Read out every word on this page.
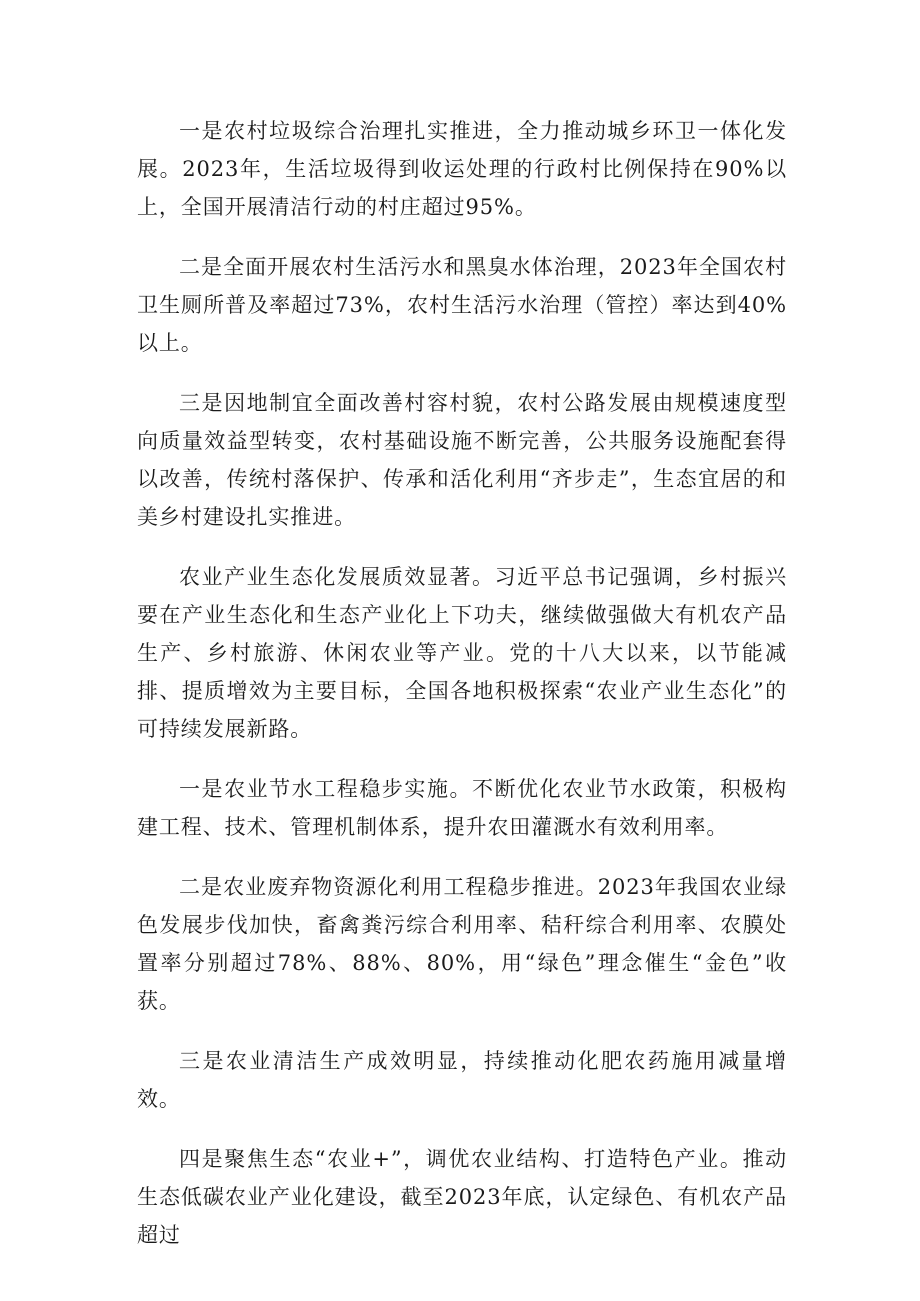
一是农村垃圾综合治理扎实推进，全力推动城乡环卫一体化发展。2023年，生活垃圾得到收运处理的行政村比例保持在90%以上，全国开展清洁行动的村庄超过95%。

二是全面开展农村生活污水和黑臭水体治理，2023年全国农村卫生厕所普及率超过73%，农村生活污水治理（管控）率达到40%以上。

三是因地制宜全面改善村容村貌，农村公路发展由规模速度型向质量效益型转变，农村基础设施不断完善，公共服务设施配套得以改善，传统村落保护、传承和活化利用“齐步走”，生态宜居的和美乡村建设扎实推进。

农业产业生态化发展质效显著。习近平总书记强调，乡村振兴要在产业生态化和生态产业化上下功夫，继续做强做大有机农产品生产、乡村旅游、休闲农业等产业。党的十八大以来，以节能减排、提质增效为主要目标，全国各地积极探索“农业产业生态化”的可持续发展新路。

一是农业节水工程稳步实施。不断优化农业节水政策，积极构建工程、技术、管理机制体系，提升农田灌溉水有效利用率。

二是农业废弃物资源化利用工程稳步推进。2023年我国农业绿色发展步伐加快，畜禽粪污综合利用率、秸秆综合利用率、农膜处置率分别超过78%、88%、80%，用“绿色”理念催生“金色”收获。

三是农业清洁生产成效明显，持续推动化肥农药施用减量增效。

四是聚焦生态“农业+”，调优农业结构、打造特色产业。推动生态低碳农业产业化建设，截至2023年底，认定绿色、有机农产品超过
